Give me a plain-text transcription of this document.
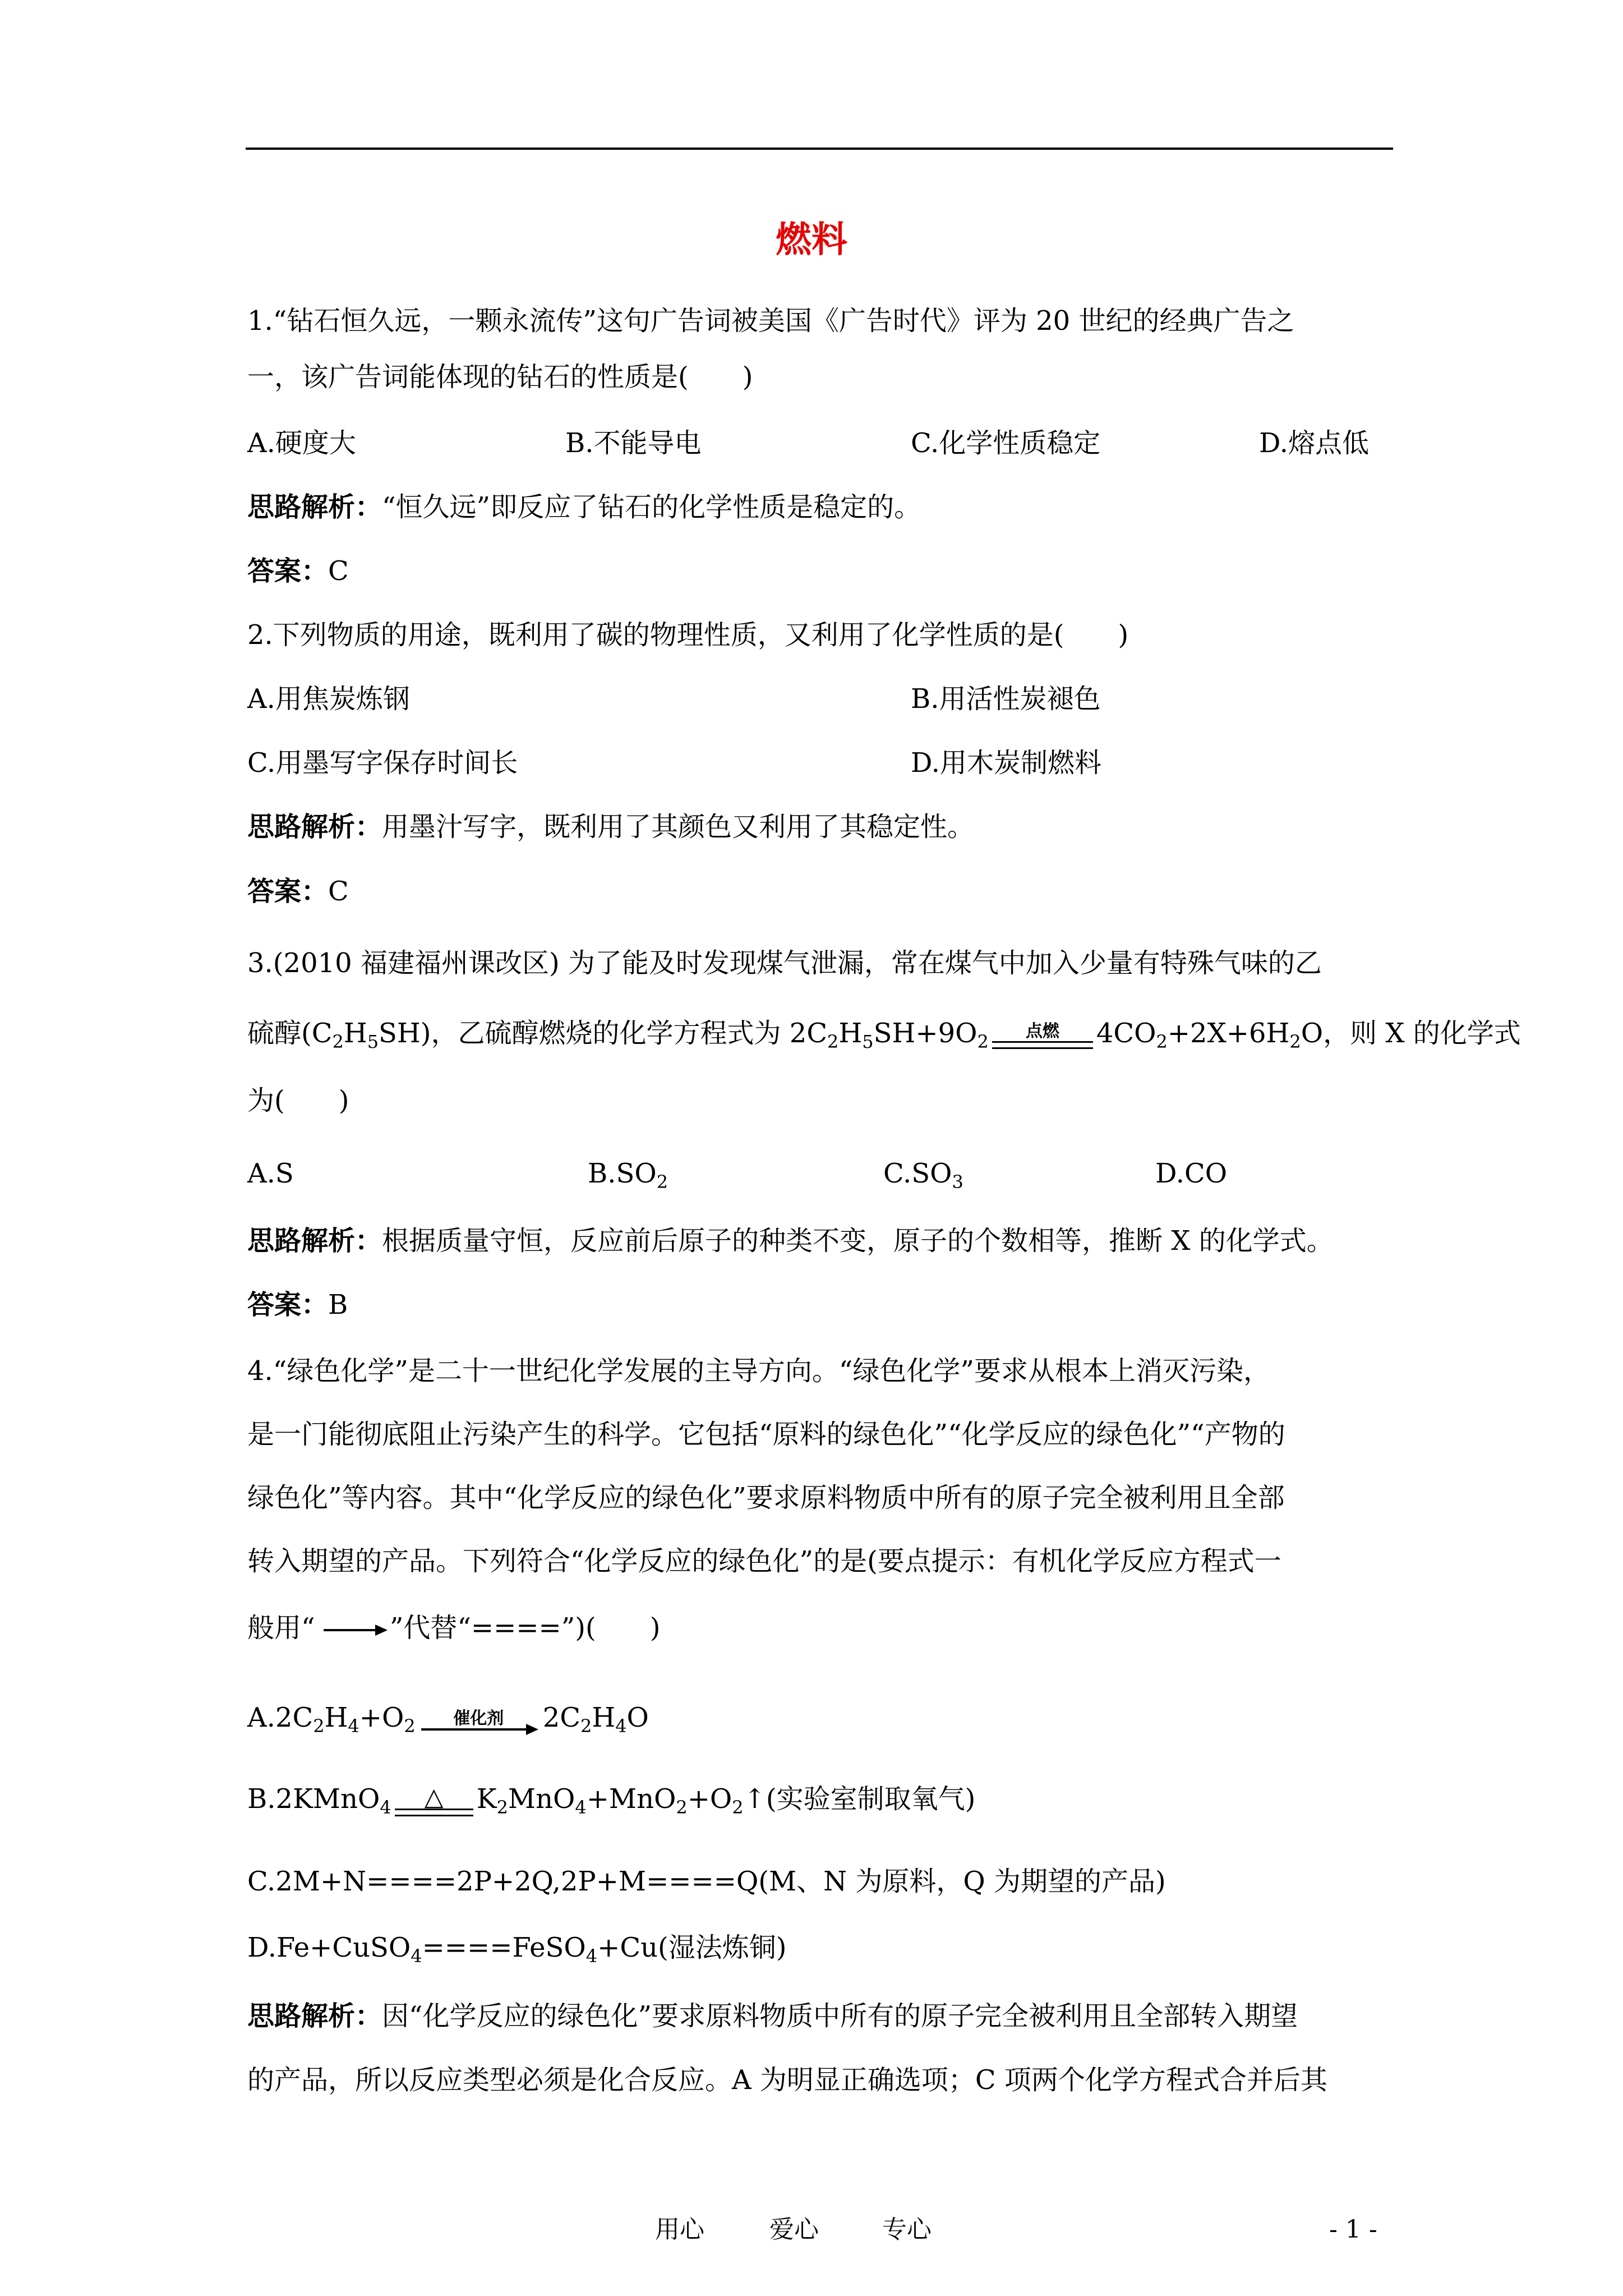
燃料
1.“钻石恒久远，一颗永流传”这句广告词被美国《广告时代》评为 20 世纪的经典广告之
一，该广告词能体现的钻石的性质是(　　)
A.硬度大	B.不能导电	C.化学性质稳定	D.熔点低
思路解析：“恒久远”即反应了钻石的化学性质是稳定的。
答案：C
2.下列物质的用途，既利用了碳的物理性质，又利用了化学性质的是(　　)
A.用焦炭炼钢	B.用活性炭褪色
C.用墨写字保存时间长	D.用木炭制燃料
思路解析：用墨汁写字，既利用了其颜色又利用了其稳定性。
答案：C
3.(2010 福建福州课改区) 为了能及时发现煤气泄漏，常在煤气中加入少量有特殊气味的乙
硫醇$(C_2H_5SH)$，乙硫醇燃烧的化学方程式为 $2C_2H_5SH+9O_2$	点燃	$4CO_2+2X+6H_2O$，则 X 的化学式
为(　　)
A.S	$B.SO_2$	$C.SO_3$	D.CO
思路解析：根据质量守恒，反应前后原子的种类不变，原子的个数相等，推断 X 的化学式。
答案：B
4.“绿色化学”是二十一世纪化学发展的主导方向。“绿色化学”要求从根本上消灭污染，
是一门能彻底阻止污染产生的科学。它包括“原料的绿色化”“化学反应的绿色化”“产物的
绿色化”等内容。其中“化学反应的绿色化”要求原料物质中所有的原子完全被利用且全部
转入期望的产品。下列符合“化学反应的绿色化”的是(要点提示：有机化学反应方程式一
般用“
”代替“====”)(　　)
$A.2C_2H_4+O_2$	催化剂	$2C_2H_4O$
B.2KMnO$_4$	△	$K_2MnO_4+MnO_2+O_2↑$(实验室制取氧气)
C.2M+N====2P+2Q,2P+M====Q(M、N 为原料，Q 为期望的产品)
D.Fe+CuSO$_4$====FeSO$_4$+Cu(湿法炼铜)
思路解析：因“化学反应的绿色化”要求原料物质中所有的原子完全被利用且全部转入期望
的产品，所以反应类型必须是化合反应。A 为明显正确选项；C 项两个化学方程式合并后其
用心	爱心	专心	- 1 -
